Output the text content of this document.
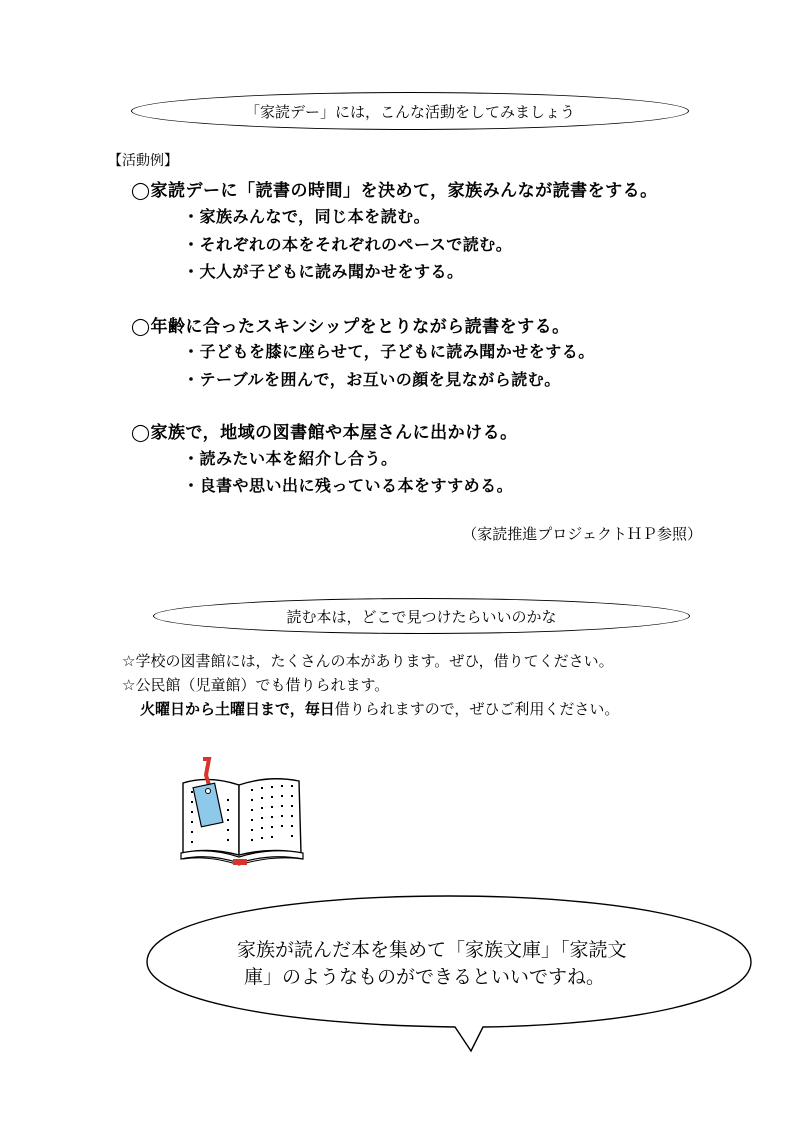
「家読デー」には，こんな活動をしてみましょう
【活動例】
◯家読デーに「読書の時間」を決めて，家族みんなが読書をする。
・家族みんなで，同じ本を読む。
・それぞれの本をそれぞれのペースで読む。
・大人が子どもに読み聞かせをする。
◯年齢に合ったスキンシップをとりながら読書をする。
・子どもを膝に座らせて，子どもに読み聞かせをする。
・テーブルを囲んで，お互いの顔を見ながら読む。
◯家族で，地域の図書館や本屋さんに出かける。
・読みたい本を紹介し合う。
・良書や思い出に残っている本をすすめる。
（家読推進プロジェクトＨＰ参照）
読む本は，どこで見つけたらいいのかな
☆学校の図書館には，たくさんの本があります。ぜひ，借りてください。
☆公民館（児童館）でも借りられます。
火曜日から土曜日まで，毎日借りられますので，ぜひご利用ください。
家族が読んだ本を集めて「家族文庫」「家読文
庫」のようなものができるといいですね。
